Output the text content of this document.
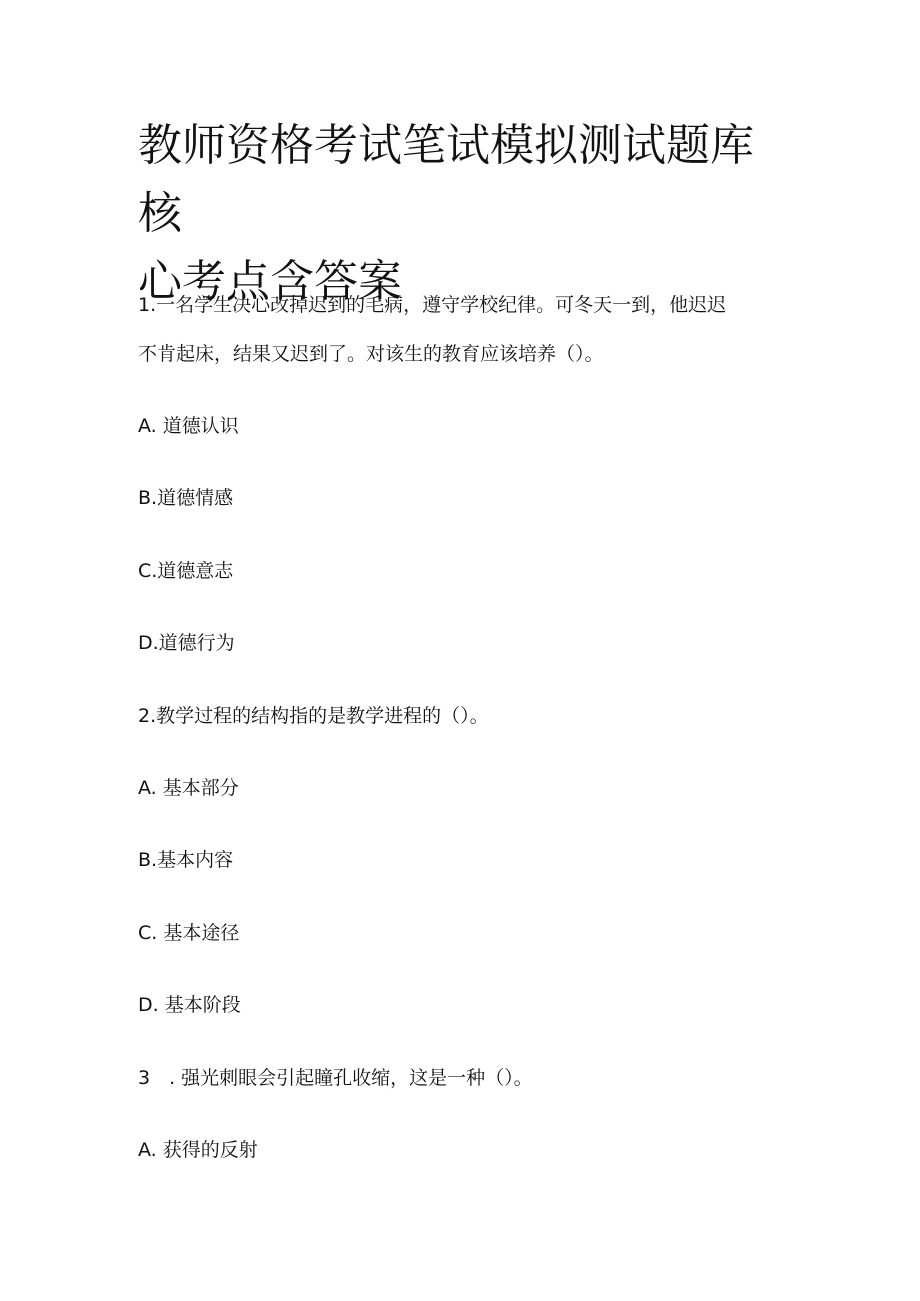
教师资格考试笔试模拟测试题库核
心考点含答案

1.一名学生决心改掉迟到的毛病，遵守学校纪律。可冬天一到，他迟迟

不肯起床，结果又迟到了。对该生的教育应该培养（）。

A. 道德认识

B.道德情感

C.道德意志

D.道德行为

2.教学过程的结构指的是教学进程的（）。

A. 基本部分

B.基本内容

C. 基本途径

D. 基本阶段

3　. 强光刺眼会引起瞳孔收缩，这是一种（）。

A. 获得的反射
